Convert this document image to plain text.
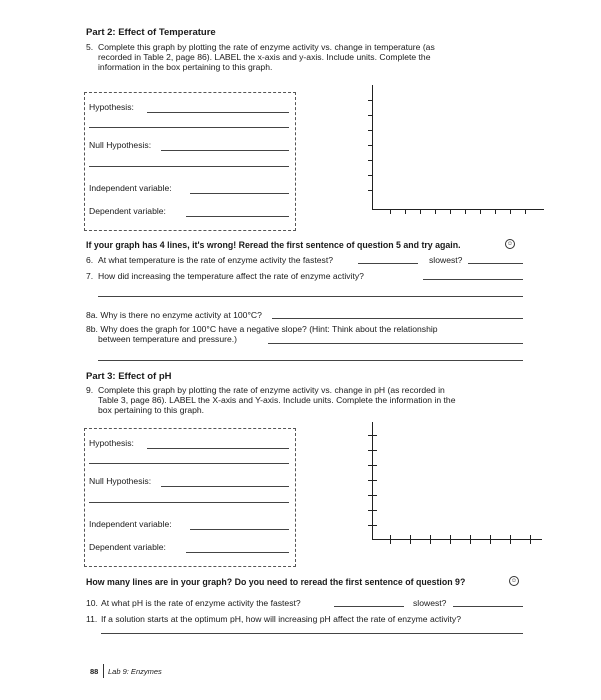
Part 2: Effect of Temperature
5. Complete this graph by plotting the rate of enzyme activity vs. change in temperature (as
recorded in Table 2, page 86). LABEL the x-axis and y-axis. Include units. Complete the
information in the box pertaining to this graph.
Hypothesis:
Null Hypothesis:
Independent variable:
Dependent variable:
If your graph has 4 lines, it's wrong! Reread the first sentence of question 5 and try again.	☺
6. At what temperature is the rate of enzyme activity the fastest?	slowest?
7. How did increasing the temperature affect the rate of enzyme activity?
8a. Why is there no enzyme activity at 100°C?
8b. Why does the graph for 100°C have a negative slope? (Hint: Think about the relationship
between temperature and pressure.)
Part 3: Effect of pH
9. Complete this graph by plotting the rate of enzyme activity vs. change in pH (as recorded in
Table 3, page 86). LABEL the X-axis and Y-axis. Include units. Complete the information in the
box pertaining to this graph.
Hypothesis:
Null Hypothesis:
Independent variable:
Dependent variable:
How many lines are in your graph? Do you need to reread the first sentence of question 9?	☺
10. At what pH is the rate of enzyme activity the fastest?	slowest?
11. If a solution starts at the optimum pH, how will increasing pH affect the rate of enzyme activity?
88 Lab 9: Enzymes
